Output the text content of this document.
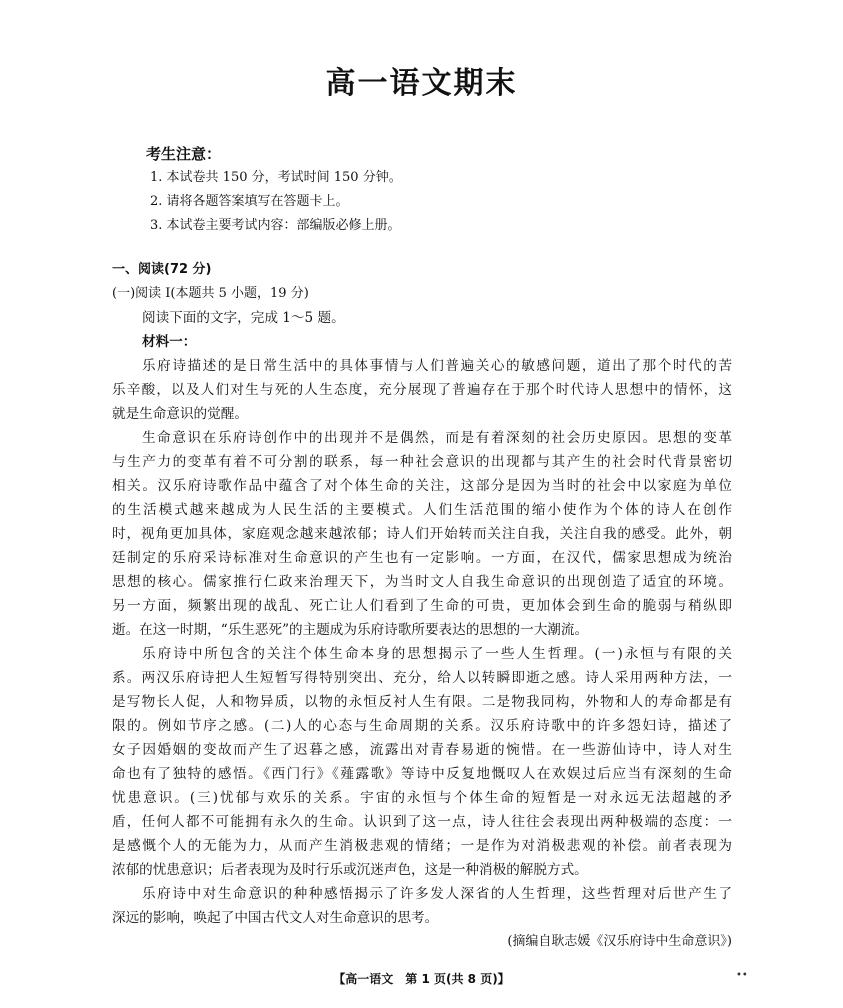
高一语文期末
考生注意：
1. 本试卷共 150 分，考试时间 150 分钟。
2. 请将各题答案填写在答题卡上。
3. 本试卷主要考试内容：部编版必修上册。
一、阅读(72 分)
(一)阅读 I(本题共 5 小题，19 分)
阅读下面的文字，完成 1～5 题。
材料一：
乐府诗描述的是日常生活中的具体事情与人们普遍关心的敏感问题，道出了那个时代的苦
乐辛酸，以及人们对生与死的人生态度，充分展现了普遍存在于那个时代诗人思想中的情怀，这
就是生命意识的觉醒。
生命意识在乐府诗创作中的出现并不是偶然，而是有着深刻的社会历史原因。思想的变革
与生产力的变革有着不可分割的联系，每一种社会意识的出现都与其产生的社会时代背景密切
相关。汉乐府诗歌作品中蕴含了对个体生命的关注，这部分是因为当时的社会中以家庭为单位
的生活模式越来越成为人民生活的主要模式。人们生活范围的缩小使作为个体的诗人在创作
时，视角更加具体，家庭观念越来越浓郁；诗人们开始转而关注自我，关注自我的感受。此外，朝
廷制定的乐府采诗标准对生命意识的产生也有一定影响。一方面，在汉代，儒家思想成为统治
思想的核心。儒家推行仁政来治理天下，为当时文人自我生命意识的出现创造了适宜的环境。
另一方面，频繁出现的战乱、死亡让人们看到了生命的可贵，更加体会到生命的脆弱与稍纵即
逝。在这一时期，“乐生恶死”的主题成为乐府诗歌所要表达的思想的一大潮流。
乐府诗中所包含的关注个体生命本身的思想揭示了一些人生哲理。(一)永恒与有限的关
系。两汉乐府诗把人生短暂写得特别突出、充分，给人以转瞬即逝之感。诗人采用两种方法，一
是写物长人促，人和物异质，以物的永恒反衬人生有限。二是物我同构，外物和人的寿命都是有
限的。例如节序之感。(二)人的心态与生命周期的关系。汉乐府诗歌中的许多怨妇诗，描述了
女子因婚姻的变故而产生了迟暮之感，流露出对青春易逝的惋惜。在一些游仙诗中，诗人对生
命也有了独特的感悟。《西门行》《薤露歌》等诗中反复地慨叹人在欢娱过后应当有深刻的生命
忧患意识。(三)忧郁与欢乐的关系。宇宙的永恒与个体生命的短暂是一对永远无法超越的矛
盾，任何人都不可能拥有永久的生命。认识到了这一点，诗人往往会表现出两种极端的态度：一
是感慨个人的无能为力，从而产生消极悲观的情绪；一是作为对消极悲观的补偿。前者表现为
浓郁的忧患意识；后者表现为及时行乐或沉迷声色，这是一种消极的解脱方式。
乐府诗中对生命意识的种种感悟揭示了许多发人深省的人生哲理，这些哲理对后世产生了
深远的影响，唤起了中国古代文人对生命意识的思考。
(摘编自耿志媛《汉乐府诗中生命意识》)
【高一语文　第 1 页(共 8 页)】	••
